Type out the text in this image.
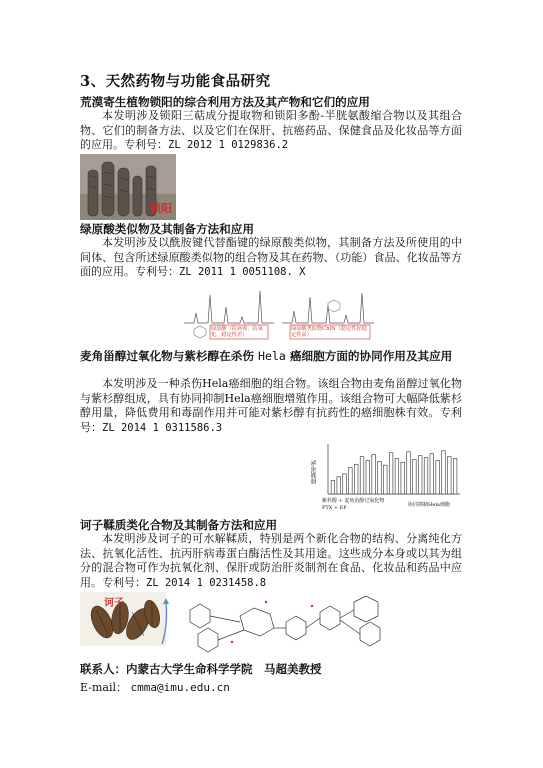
3、天然药物与功能食品研究
荒漠寄生植物锁阳的综合利用方法及其产物和它们的应用
本发明涉及锁阳三萜成分提取物和锁阳多酚-半胱氨酸缩合物以及其组合物、它们的制备方法、以及它们在保肝、抗癌药品、保健食品及化妆品等方面的应用。专利号：ZL 2012 1 0129836.2
锁阳
绿原酸类似物及其制备方法和应用
本发明涉及以酰胺键代替酯键的绿原酸类似物，其制备方法及所使用的中间体、包含所述绿原酸类似物的组合物及其在药物、（功能）食品、化妆品等方面的应用。专利号：ZL 2011 1 0051108. X
绿原酸（抗病毒、抗氧化、稳定性差）
绿原酸类似物ChlN（稳定性好稳定性高）
麦角甾醇过氧化物与紫杉醇在杀伤 Hela 癌细胞方面的协同作用及其应用
本发明涉及一种杀伤Hela癌细胞的组合物。该组合物由麦角甾醇过氧化物与紫杉醇组成，具有协同抑制Hela癌细胞增殖作用。该组合物可大幅降低紫杉醇用量，降低费用和毒副作用并可能对紫杉醇有抗药性的癌细胞株有效。专利号：ZL 2014 1 0311586.3
抑制率%
紫杉醇 + 麦角甾醇过氧化物
PTX + EP	协同抑制Hela细胞
诃子鞣质类化合物及其制备方法和应用
本发明涉及诃子的可水解鞣质，特别是两个新化合物的结构、分离纯化方法、抗氧化活性、抗丙肝病毒蛋白酶活性及其用途。这些成分本身或以其为组分的混合物可作为抗氧化剂、保肝或防治肝炎制剂在食品、化妆品和药品中应用。专利号：ZL 2014 1 0231458.8
诃子
联系人：内蒙古大学生命科学学院　马超美教授
E-mail： cmma@imu.edu.cn
